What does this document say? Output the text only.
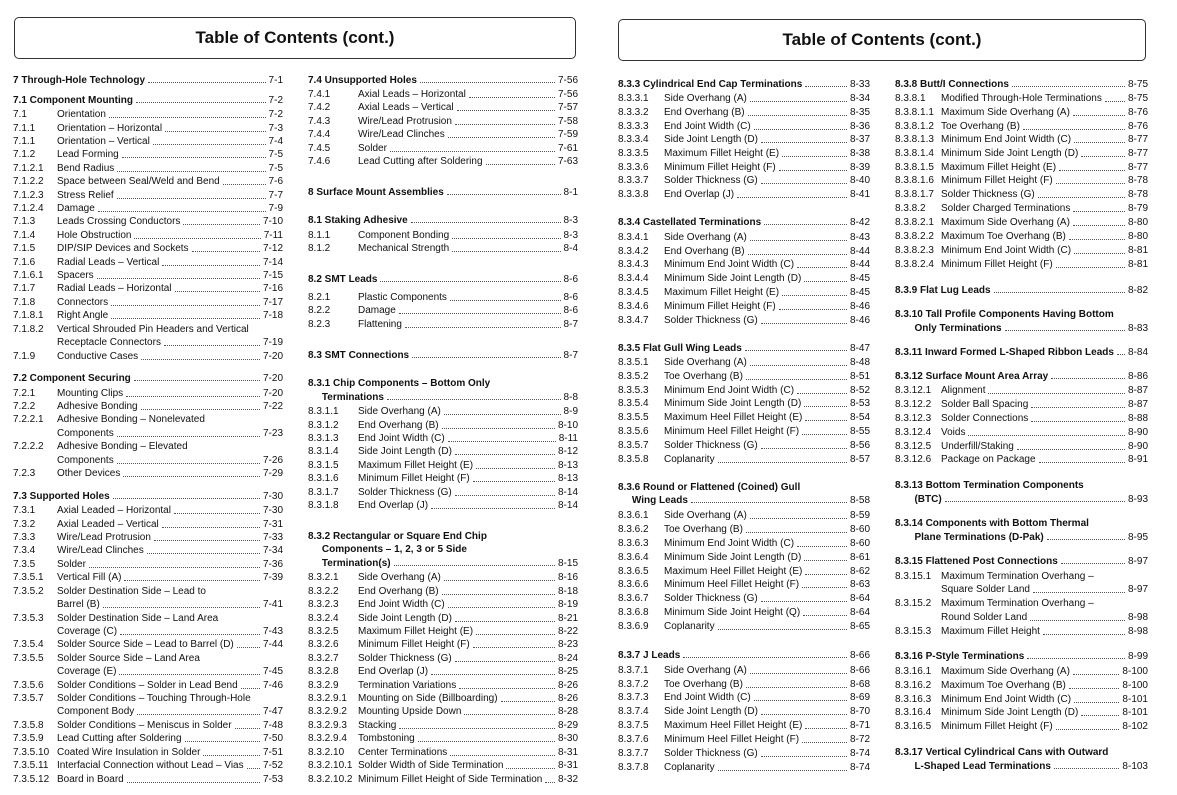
Table of Contents (cont.)	Table of Contents (cont.)
7 Through-Hole Technology	7-1
7.1 Component Mounting	7-2
7.1	Orientation	7-2
7.1.1	Orientation – Horizontal	7-3
7.1.1	Orientation – Vertical	7-4
7.1.2	Lead Forming	7-5
7.1.2.1	Bend Radius	7-5
7.1.2.2	Space between Seal/Weld and Bend	7-6
7.1.2.3	Stress Relief	7-7
7.1.2.4	Damage	7-9
7.1.3	Leads Crossing Conductors	7-10
7.1.4	Hole Obstruction	7-11
7.1.5	DIP/SIP Devices and Sockets	7-12
7.1.6	Radial Leads – Vertical	7-14
7.1.6.1	Spacers	7-15
7.1.7	Radial Leads – Horizontal	7-16
7.1.8	Connectors	7-17
7.1.8.1	Right Angle	7-18
7.1.8.2	Vertical Shrouded Pin Headers and Vertical
Receptacle Connectors	7-19
7.1.9	Conductive Cases	7-20
7.2 Component Securing	7-20
7.2.1	Mounting Clips	7-20
7.2.2	Adhesive Bonding	7-22
7.2.2.1	Adhesive Bonding – Nonelevated
Components	7-23
7.2.2.2	Adhesive Bonding – Elevated
Components	7-26
7.2.3	Other Devices	7-29
7.3 Supported Holes	7-30
7.3.1	Axial Leaded – Horizontal	7-30
7.3.2	Axial Leaded – Vertical	7-31
7.3.3	Wire/Lead Protrusion	7-33
7.3.4	Wire/Lead Clinches	7-34
7.3.5	Solder	7-36
7.3.5.1	Vertical Fill (A)	7-39
7.3.5.2	Solder Destination Side – Lead to
Barrel (B)	7-41
7.3.5.3	Solder Destination Side – Land Area
Coverage (C)	7-43
7.3.5.4	Solder Source Side – Lead to Barrel (D)	7-44
7.3.5.5	Solder Source Side – Land Area
Coverage (E)	7-45
7.3.5.6	Solder Conditions – Solder in Lead Bend	7-46
7.3.5.7	Solder Conditions – Touching Through-Hole
Component Body	7-47
7.3.5.8	Solder Conditions – Meniscus in Solder	7-48
7.3.5.9	Lead Cutting after Soldering	7-50
7.3.5.10 Coated Wire Insulation in Solder	7-51
7.3.5.11 Interfacial Connection without Lead – Vias 7-52
7.3.5.12 Board in Board	7-53
7.4 Unsupported Holes	7-56
7.4.1	Axial Leads – Horizontal	7-56
7.4.2	Axial Leads – Vertical	7-57
7.4.3	Wire/Lead Protrusion	7-58
7.4.4	Wire/Lead Clinches	7-59
7.4.5	Solder	7-61
7.4.6	Lead Cutting after Soldering	7-63
8 Surface Mount Assemblies	8-1
8.1 Staking Adhesive	8-3
8.1.1	Component Bonding	8-3
8.1.2	Mechanical Strength	8-4
8.2 SMT Leads	8-6
8.2.1	Plastic Components	8-6
8.2.2	Damage	8-6
8.2.3	Flattening	8-7
8.3 SMT Connections	8-7
8.3.1 Chip Components – Bottom Only
Terminations	8-8
8.3.1.1	Side Overhang (A)	8-9
8.3.1.2	End Overhang (B)	8-10
8.3.1.3	End Joint Width (C)	8-11
8.3.1.4	Side Joint Length (D)	8-12
8.3.1.5	Maximum Fillet Height (E)	8-13
8.3.1.6	Minimum Fillet Height (F)	8-13
8.3.1.7	Solder Thickness (G)	8-14
8.3.1.8	End Overlap (J)	8-14
8.3.2 Rectangular or Square End Chip
Components – 1, 2, 3 or 5 Side
Termination(s)	8-15
8.3.2.1	Side Overhang (A)	8-16
8.3.2.2	End Overhang (B)	8-18
8.3.2.3	End Joint Width (C)	8-19
8.3.2.4	Side Joint Length (D)	8-21
8.3.2.5	Maximum Fillet Height (E)	8-22
8.3.2.6	Minimum Fillet Height (F)	8-23
8.3.2.7	Solder Thickness (G)	8-24
8.3.2.8	End Overlap (J)	8-25
8.3.2.9	Termination Variations	8-26
8.3.2.9.1	Mounting on Side (Billboarding)	8-26
8.3.2.9.2	Mounting Upside Down	8-28
8.3.2.9.3	Stacking	8-29
8.3.2.9.4	Tombstoning	8-30
8.3.2.10	Center Terminations	8-31
8.3.2.10.1 Solder Width of Side Termination	8-31
8.3.2.10.2 Minimum Fillet Height of Side Termination 8-32
8.3.3 Cylindrical End Cap Terminations	8-33
8.3.3.1	Side Overhang (A)	8-34
8.3.3.2	End Overhang (B)	8-35
8.3.3.3	End Joint Width (C)	8-36
8.3.3.4	Side Joint Length (D)	8-37
8.3.3.5	Maximum Fillet Height (E)	8-38
8.3.3.6	Minimum Fillet Height (F)	8-39
8.3.3.7	Solder Thickness (G)	8-40
8.3.3.8	End Overlap (J)	8-41
8.3.4 Castellated Terminations	8-42
8.3.4.1	Side Overhang (A)	8-43
8.3.4.2	End Overhang (B)	8-44
8.3.4.3	Minimum End Joint Width (C)	8-44
8.3.4.4	Minimum Side Joint Length (D)	8-45
8.3.4.5	Maximum Fillet Height (E)	8-45
8.3.4.6	Minimum Fillet Height (F)	8-46
8.3.4.7	Solder Thickness (G)	8-46
8.3.5 Flat Gull Wing Leads	8-47
8.3.5.1	Side Overhang (A)	8-48
8.3.5.2	Toe Overhang (B)	8-51
8.3.5.3	Minimum End Joint Width (C)	8-52
8.3.5.4	Minimum Side Joint Length (D)	8-53
8.3.5.5	Maximum Heel Fillet Height (E)	8-54
8.3.5.6	Minimum Heel Fillet Height (F)	8-55
8.3.5.7	Solder Thickness (G)	8-56
8.3.5.8	Coplanarity	8-57
8.3.6 Round or Flattened (Coined) Gull
Wing Leads	8-58
8.3.6.1	Side Overhang (A)	8-59
8.3.6.2	Toe Overhang (B)	8-60
8.3.6.3	Minimum End Joint Width (C)	8-60
8.3.6.4	Minimum Side Joint Length (D)	8-61
8.3.6.5	Maximum Heel Fillet Height (E)	8-62
8.3.6.6	Minimum Heel Fillet Height (F)	8-63
8.3.6.7	Solder Thickness (G)	8-64
8.3.6.8	Minimum Side Joint Height (Q)	8-64
8.3.6.9	Coplanarity	8-65
8.3.7 J Leads	8-66
8.3.7.1	Side Overhang (A)	8-66
8.3.7.2	Toe Overhang (B)	8-68
8.3.7.3	End Joint Width (C)	8-69
8.3.7.4	Side Joint Length (D)	8-70
8.3.7.5	Maximum Heel Fillet Height (E)	8-71
8.3.7.6	Minimum Heel Fillet Height (F)	8-72
8.3.7.7	Solder Thickness (G)	8-74
8.3.7.8	Coplanarity	8-74
8.3.8 Butt/I Connections	8-75
8.3.8.1	Modified Through-Hole Terminations	8-75
8.3.8.1.1 Maximum Side Overhang (A)	8-76
8.3.8.1.2 Toe Overhang (B)	8-76
8.3.8.1.3 Minimum End Joint Width (C)	8-77
8.3.8.1.4 Minimum Side Joint Length (D)	8-77
8.3.8.1.5 Maximum Fillet Height (E)	8-77
8.3.8.1.6 Minimum Fillet Height (F)	8-78
8.3.8.1.7 Solder Thickness (G)	8-78
8.3.8.2	Solder Charged Terminations	8-79
8.3.8.2.1 Maximum Side Overhang (A)	8-80
8.3.8.2.2 Maximum Toe Overhang (B)	8-80
8.3.8.2.3 Minimum End Joint Width (C)	8-81
8.3.8.2.4 Minimum Fillet Height (F)	8-81
8.3.9 Flat Lug Leads	8-82
8.3.10 Tall Profile Components Having Bottom
Only Terminations	8-83
8.3.11 Inward Formed L-Shaped Ribbon Leads 8-84
8.3.12 Surface Mount Area Array	8-86
8.3.12.1 Alignment	8-87
8.3.12.2 Solder Ball Spacing	8-87
8.3.12.3 Solder Connections	8-88
8.3.12.4 Voids	8-90
8.3.12.5 Underfill/Staking	8-90
8.3.12.6 Package on Package	8-91
8.3.13 Bottom Termination Components
(BTC)	8-93
8.3.14 Components with Bottom Thermal
Plane Terminations (D-Pak)	8-95
8.3.15 Flattened Post Connections	8-97
8.3.15.1 Maximum Termination Overhang –
Square Solder Land	8-97
8.3.15.2 Maximum Termination Overhang –
Round Solder Land	8-98
8.3.15.3 Maximum Fillet Height	8-98
8.3.16 P-Style Terminations	8-99
8.3.16.1 Maximum Side Overhang (A)	8-100
8.3.16.2 Maximum Toe Overhang (B)	8-100
8.3.16.3 Minimum End Joint Width (C)	8-101
8.3.16.4 Minimum Side Joint Length (D)	8-101
8.3.16.5 Minimum Fillet Height (F)	8-102
8.3.17 Vertical Cylindrical Cans with Outward
L-Shaped Lead Terminations	8-103
